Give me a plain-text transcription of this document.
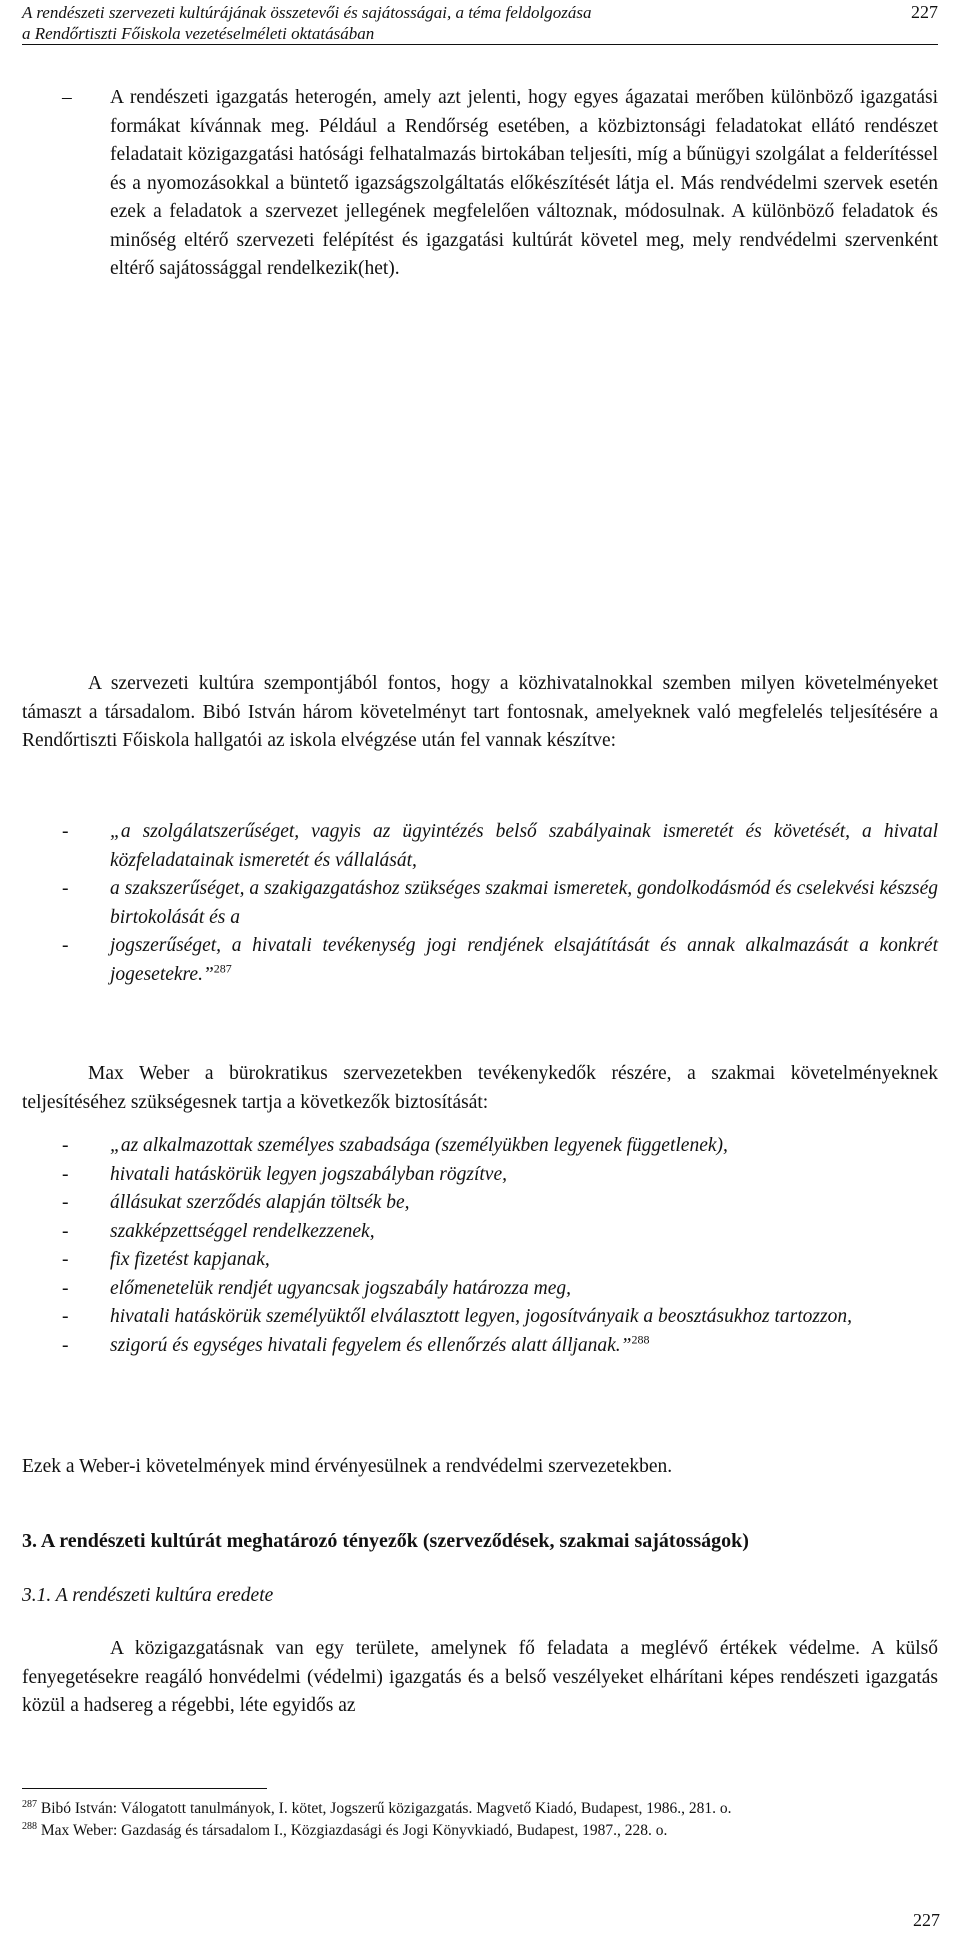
A rendészeti szervezeti kultúrájának összetevői és sajátosságai, a téma feldolgozása
a Rendőrtiszti Főiskola vezetéselméleti oktatásában
227
– A rendészeti igazgatás heterogén, amely azt jelenti, hogy egyes ágazatai merőben különböző igazgatási formákat kívánnak meg. Például a Rendőrség esetében, a közbiztonsági feladatokat ellátó rendészet feladatait közigazgatási hatósági felhatalmazás birtokában teljesíti, míg a bűnügyi szolgálat a felderítéssel és a nyomozásokkal a büntető igazságszolgáltatás előkészítését látja el. Más rendvédelmi szervek esetén ezek a feladatok a szervezet jellegének megfelelően változnak, módosulnak. A különböző feladatok és minőség eltérő szervezeti felépítést és igazgatási kultúrát követel meg, mely rendvédelmi szervenként eltérő sajátossággal rendelkezik(het).
A szervezeti kultúra szempontjából fontos, hogy a közhivatalnokkal szemben milyen követelményeket támaszt a társadalom. Bibó István három követelményt tart fontosnak, amelyeknek való megfelelés teljesítésére a Rendőrtiszti Főiskola hallgatói az iskola elvégzése után fel vannak készítve:
- „a szolgálatszerűséget, vagyis az ügyintézés belső szabályainak ismeretét és követését, a hivatal közfeladatainak ismeretét és vállalását,
- a szakszerűséget, a szakigazgatáshoz szükséges szakmai ismeretek, gondolkodásmód és cselekvési készség birtokolását és a
- jogszerűséget, a hivatali tevékenység jogi rendjének elsajátítását és annak alkalmazását a konkrét jogesetekre.”$^{287}$
Max Weber a bürokratikus szervezetekben tevékenykedők részére, a szakmai követelményeknek teljesítéséhez szükségesnek tartja a következők biztosítását:
- „az alkalmazottak személyes szabadsága (személyükben legyenek függetlenek),
- hivatali hatáskörük legyen jogszabályban rögzítve,
- állásukat szerződés alapján töltsék be,
- szakképzettséggel rendelkezzenek,
- fix fizetést kapjanak,
- előmenetelük rendjét ugyancsak jogszabály határozza meg,
- hivatali hatáskörük személyüktől elválasztott legyen, jogosítványaik a beosztásukhoz tartozzon,
- szigorú és egységes hivatali fegyelem és ellenőrzés alatt álljanak.”$^{288}$
Ezek a Weber-i követelmények mind érvényesülnek a rendvédelmi szervezetekben.
3. A rendészeti kultúrát meghatározó tényezők (szerveződések, szakmai sajátosságok)
3.1. A rendészeti kultúra eredete
A közigazgatásnak van egy területe, amelynek fő feladata a meglévő értékek védelme. A külső fenyegetésekre reagáló honvédelmi (védelmi) igazgatás és a belső veszélyeket elhárítani képes rendészeti igazgatás közül a hadsereg a régebbi, léte egyidős az
$^{287}$ Bibó István: Válogatott tanulmányok, I. kötet, Jogszerű közigazgatás. Magvető Kiadó, Budapest, 1986., 281. o.
$^{288}$ Max Weber: Gazdaság és társadalom I., Közgiazdasági és Jogi Könyvkiadó, Budapest, 1987., 228. o.
227
